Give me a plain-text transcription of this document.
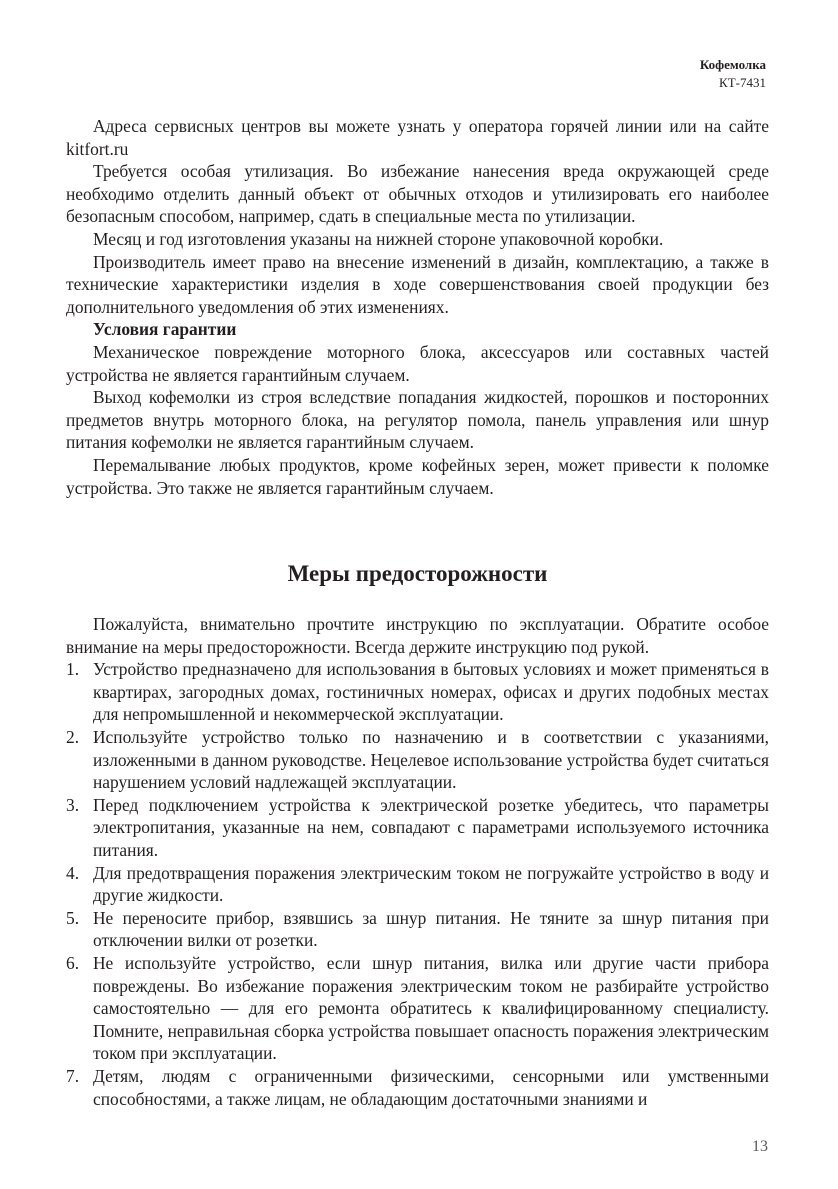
Кофемолка
КТ-7431

Адреса сервисных центров вы можете узнать у оператора горячей линии или на сайте kitfort.ru

Требуется особая утилизация. Во избежание нанесения вреда окружающей среде необходимо отделить данный объект от обычных отходов и утилизировать его наиболее безопасным способом, например, сдать в специальные места по утилизации.

Месяц и год изготовления указаны на нижней стороне упаковочной коробки.

Производитель имеет право на внесение изменений в дизайн, комплектацию, а также в технические характеристики изделия в ходе совершенствования своей продукции без дополнительного уведомления об этих изменениях.

Условия гарантии

Механическое повреждение моторного блока, аксессуаров или составных частей устройства не является гарантийным случаем.

Выход кофемолки из строя вследствие попадания жидкостей, порошков и посторонних предметов внутрь моторного блока, на регулятор помола, панель управления или шнур питания кофемолки не является гарантийным случаем.

Перемалывание любых продуктов, кроме кофейных зерен, может привести к поломке устройства. Это также не является гарантийным случаем.

Меры предосторожности

Пожалуйста, внимательно прочтите инструкцию по эксплуатации. Обратите особое внимание на меры предосторожности. Всегда держите инструкцию под рукой.

1. Устройство предназначено для использования в бытовых условиях и может применяться в квартирах, загородных домах, гостиничных номерах, офисах и других подобных местах для непромышленной и некоммерческой эксплуатации.
2. Используйте устройство только по назначению и в соответствии с указаниями, изложенными в данном руководстве. Нецелевое использование устройства будет считаться нарушением условий надлежащей эксплуатации.
3. Перед подключением устройства к электрической розетке убедитесь, что параметры электропитания, указанные на нем, совпадают с параметрами используемого источника питания.
4. Для предотвращения поражения электрическим током не погружайте устройство в воду и другие жидкости.
5. Не переносите прибор, взявшись за шнур питания. Не тяните за шнур питания при отключении вилки от розетки.
6. Не используйте устройство, если шнур питания, вилка или другие части прибора повреждены. Во избежание поражения электрическим током не разбирайте устройство самостоятельно — для его ремонта обратитесь к квалифицированному специалисту. Помните, неправильная сборка устройства повышает опасность поражения электрическим током при эксплуатации.
7. Детям, людям с ограниченными физическими, сенсорными или умственными способностями, а также лицам, не обладающим достаточными знаниями и
13
